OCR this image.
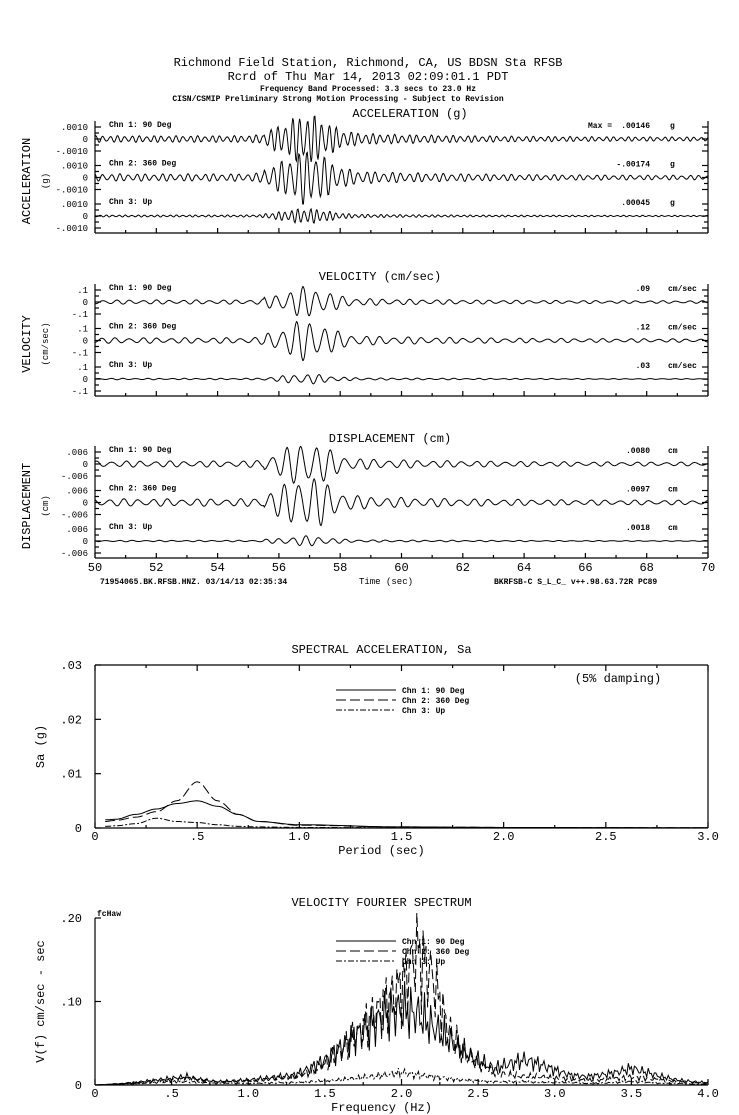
Richmond Field Station, Richmond, CA, US BDSN Sta RFSB
Rcrd of Thu Mar 14, 2013 02:09:01.1 PDT
Frequency Band Processed: 3.3 secs to 23.0 Hz
CISN/CSMIP Preliminary Strong Motion Processing - Subject to Revision
ACCELERATION (g)
ACCELERATION (g)
.0010
0
-.0010
Chn 1: 90 Deg	Max = .00146	g
.0010
0
-.0010
Chn 2: 360 Deg	-.00174	g
.0010
0
-.0010
Chn 3: Up	.00045	g
VELOCITY (cm/sec)
VELOCITY (cm/sec)
.1
0
-.1
Chn 1: 90 Deg	.09 cm/sec
.1
0
-.1
Chn 2: 360 Deg	.12 cm/sec
.1
0
-.1
Chn 3: Up	.03 cm/sec
DISPLACEMENT (cm)
DISPLACEMENT (cm)
.006
0
-.006
Chn 1: 90 Deg	.0080 cm
.006
0
-.006
Chn 2: 360 Deg	.0097 cm
.006
0
-.006
Chn 3: Up	.0018 cm
50	52	54	56	58	60	62	64	66	68	70
Time (sec)
71954065.BK.RFSB.HNZ. 03/14/13 02:35:34	BKRFSB-C S_L_C_ v++.98.63.72R PC89
SPECTRAL ACCELERATION, Sa
0	.5	1.0	1.5	2.0	2.5	3.0
.03
.02
.01
0
Sa (g)
Period (sec)
(5% damping)
Chn 1: 90 Deg
Chn 2: 360 Deg
Chn 3: Up
VELOCITY FOURIER SPECTRUM
0	.5	1.0	1.5	2.0	2.5	3.0	3.5	4.0
.20
.10
0
V(f) cm/sec - sec
Frequency (Hz)
fcHaw
Chn 1: 90 Deg
Chn 2: 360 Deg
Chn 3: Up
